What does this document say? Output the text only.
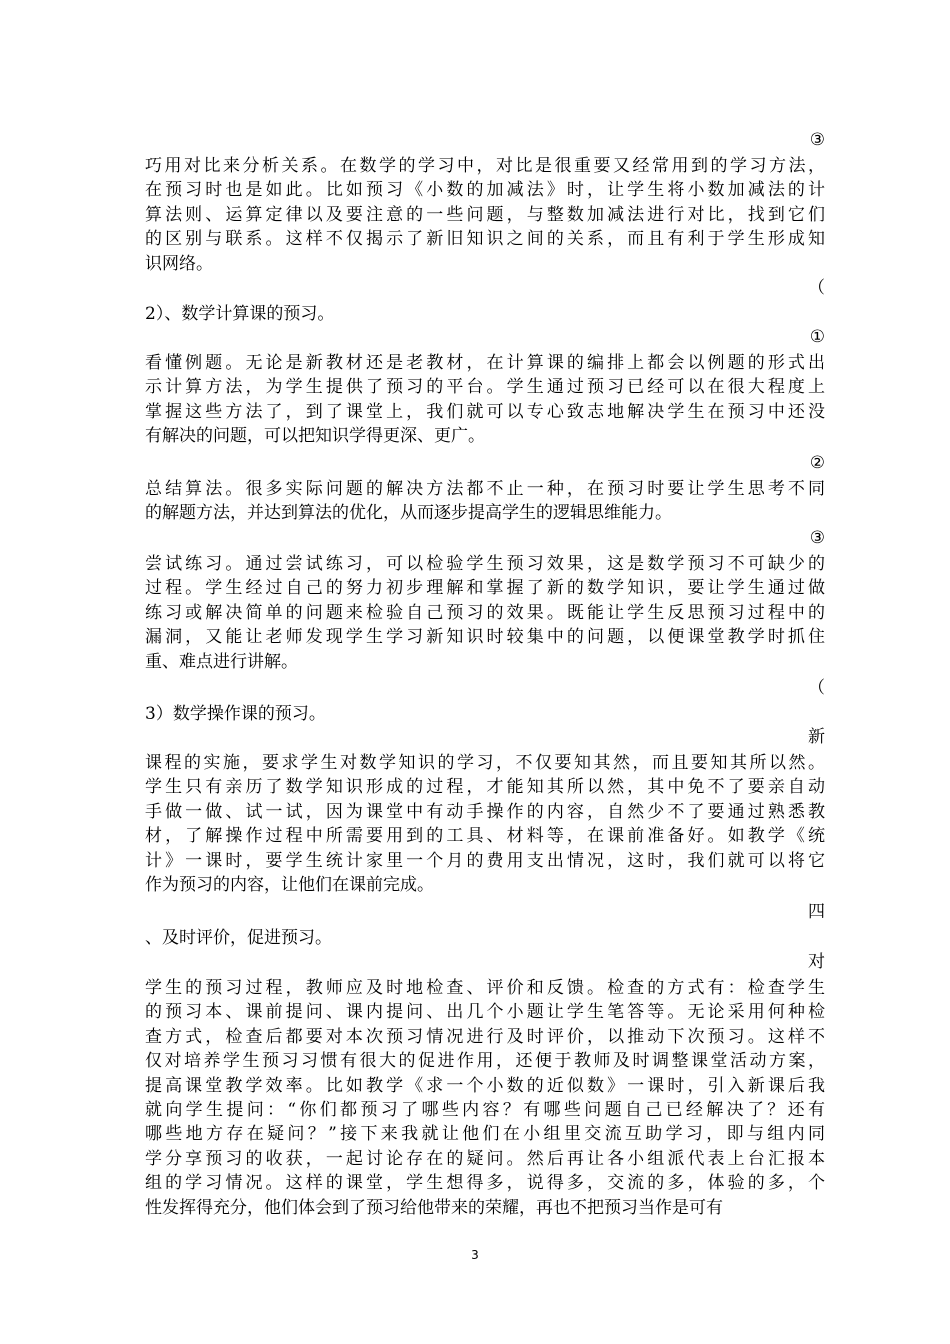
③
巧用对比来分析关系。在数学的学习中，对比是很重要又经常用到的学习方法，
在预习时也是如此。比如预习《小数的加减法》时，让学生将小数加减法的计
算法则、运算定律以及要注意的一些问题，与整数加减法进行对比，找到它们
的区别与联系。这样不仅揭示了新旧知识之间的关系，而且有利于学生形成知
识网络。
（
2）、数学计算课的预习。
①
看懂例题。无论是新教材还是老教材，在计算课的编排上都会以例题的形式出
示计算方法，为学生提供了预习的平台。学生通过预习已经可以在很大程度上
掌握这些方法了，到了课堂上，我们就可以专心致志地解决学生在预习中还没
有解决的问题，可以把知识学得更深、更广。
②
总结算法。很多实际问题的解决方法都不止一种，在预习时要让学生思考不同
的解题方法，并达到算法的优化，从而逐步提高学生的逻辑思维能力。
③
尝试练习。通过尝试练习，可以检验学生预习效果，这是数学预习不可缺少的
过程。学生经过自己的努力初步理解和掌握了新的数学知识，要让学生通过做
练习或解决简单的问题来检验自己预习的效果。既能让学生反思预习过程中的
漏洞，又能让老师发现学生学习新知识时较集中的问题，以便课堂教学时抓住
重、难点进行讲解。
（
3）数学操作课的预习。
新
课程的实施，要求学生对数学知识的学习，不仅要知其然，而且要知其所以然。
学生只有亲历了数学知识形成的过程，才能知其所以然，其中免不了要亲自动
手做一做、试一试，因为课堂中有动手操作的内容，自然少不了要通过熟悉教
材，了解操作过程中所需要用到的工具、材料等，在课前准备好。如教学《统
计》一课时，要学生统计家里一个月的费用支出情况，这时，我们就可以将它
作为预习的内容，让他们在课前完成。
四
、及时评价，促进预习。
对
学生的预习过程，教师应及时地检查、评价和反馈。检查的方式有：检查学生
的预习本、课前提问、课内提问、出几个小题让学生笔答等。无论采用何种检
查方式，检查后都要对本次预习情况进行及时评价，以推动下次预习。这样不
仅对培养学生预习习惯有很大的促进作用，还便于教师及时调整课堂活动方案，
提高课堂教学效率。比如教学《求一个小数的近似数》一课时，引入新课后我
就向学生提问：“你们都预习了哪些内容？有哪些问题自己已经解决了？还有
哪些地方存在疑问？”接下来我就让他们在小组里交流互助学习，即与组内同
学分享预习的收获，一起讨论存在的疑问。然后再让各小组派代表上台汇报本
组的学习情况。这样的课堂，学生想得多，说得多，交流的多，体验的多，个
性发挥得充分，他们体会到了预习给他带来的荣耀，再也不把预习当作是可有
3
